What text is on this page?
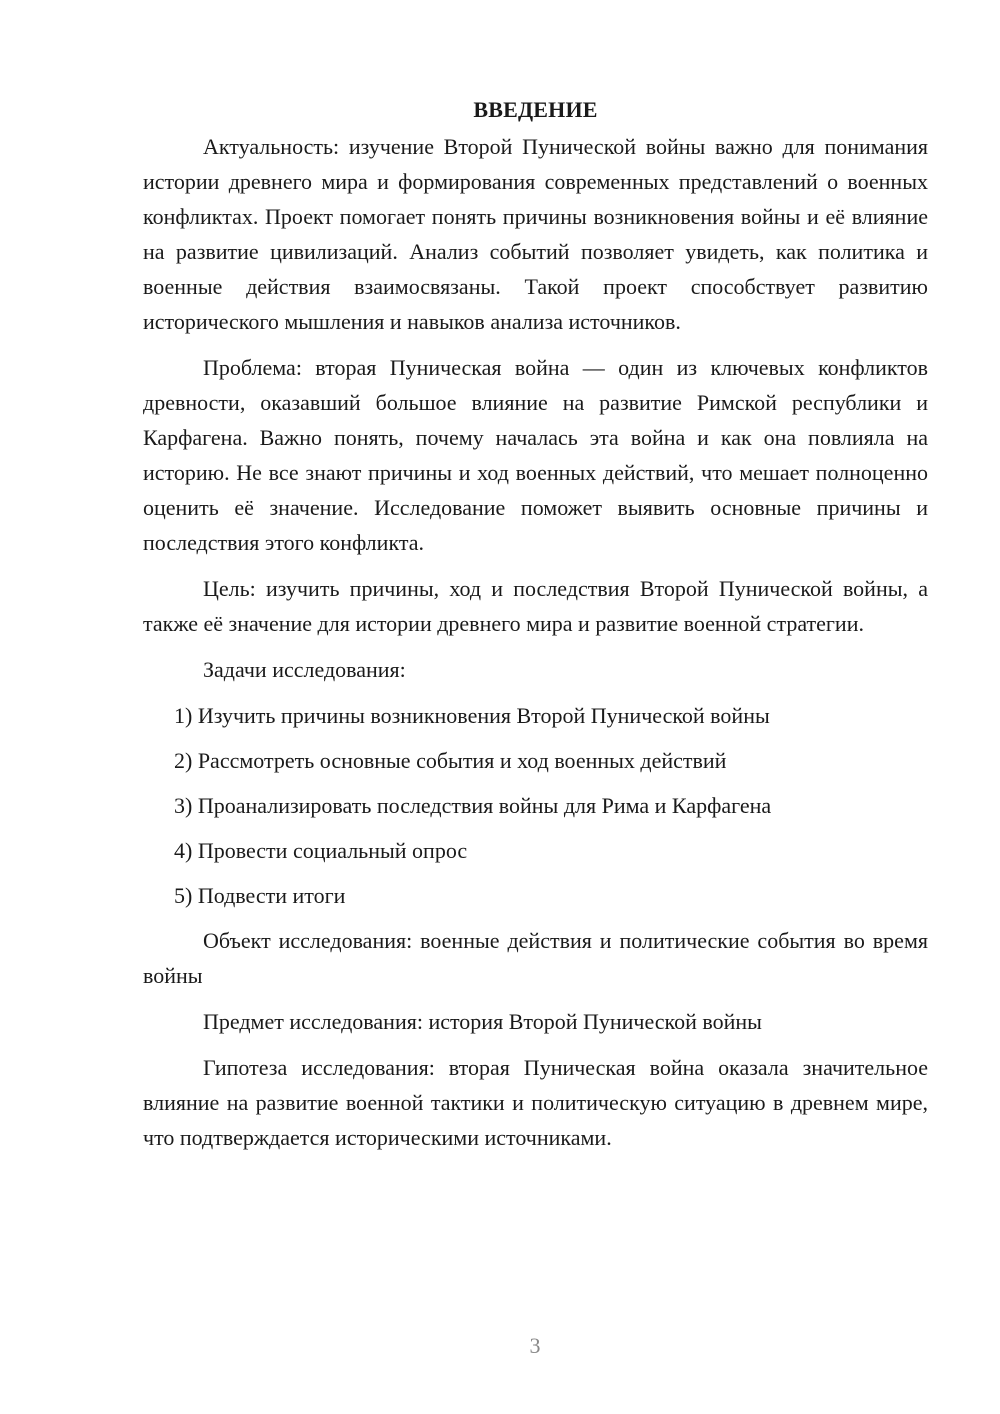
ВВЕДЕНИЕ

Актуальность: изучение Второй Пунической войны важно для понимания истории древнего мира и формирования современных представлений о военных конфликтах. Проект помогает понять причины возникновения войны и её влияние на развитие цивилизаций. Анализ событий позволяет увидеть, как политика и военные действия взаимосвязаны. Такой проект способствует развитию исторического мышления и навыков анализа источников.

Проблема: вторая Пуническая война — один из ключевых конфликтов древности, оказавший большое влияние на развитие Римской республики и Карфагена. Важно понять, почему началась эта война и как она повлияла на историю. Не все знают причины и ход военных действий, что мешает полноценно оценить её значение. Исследование поможет выявить основные причины и последствия этого конфликта.

Цель: изучить причины, ход и последствия Второй Пунической войны, а также её значение для истории древнего мира и развитие военной стратегии.

Задачи исследования:

1) Изучить причины возникновения Второй Пунической войны
2) Рассмотреть основные события и ход военных действий
3) Проанализировать последствия войны для Рима и Карфагена
4) Провести социальный опрос
5) Подвести итоги

Объект исследования: военные действия и политические события во время войны

Предмет исследования: история Второй Пунической войны

Гипотеза исследования: вторая Пуническая война оказала значительное влияние на развитие военной тактики и политическую ситуацию в древнем мире, что подтверждается историческими источниками.

3
